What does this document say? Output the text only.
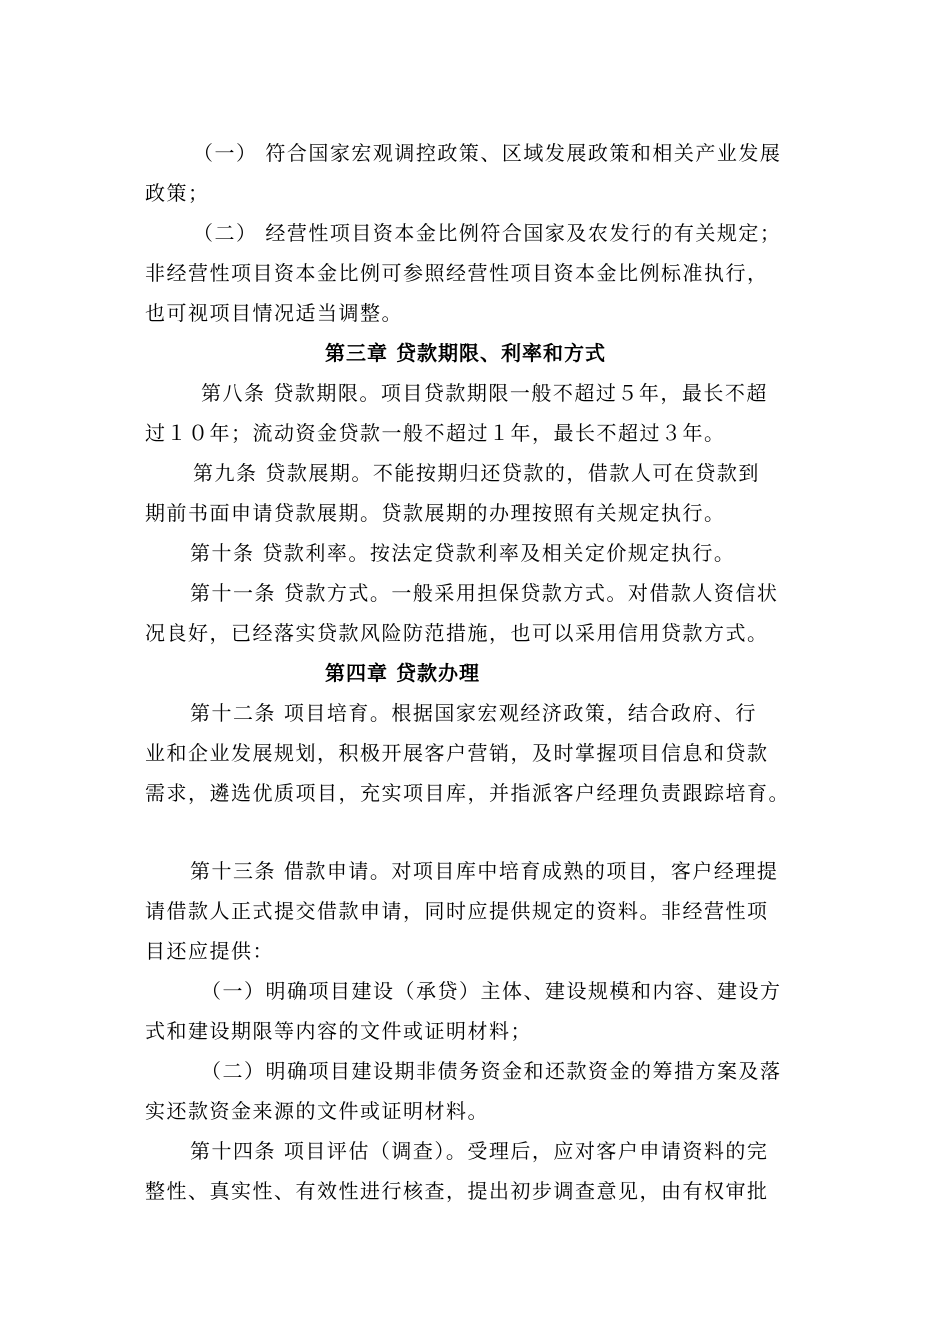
（一） 符合国家宏观调控政策、区域发展政策和相关产业发展

政策；

（二） 经营性项目资本金比例符合国家及农发行的有关规定；

非经营性项目资本金比例可参照经营性项目资本金比例标准执行，

也可视项目情况适当调整。

第三章 贷款期限、利率和方式

第八条 贷款期限。项目贷款期限一般不超过５年，最长不超

过１０年；流动资金贷款一般不超过１年，最长不超过３年。

第九条 贷款展期。不能按期归还贷款的，借款人可在贷款到

期前书面申请贷款展期。贷款展期的办理按照有关规定执行。

第十条 贷款利率。按法定贷款利率及相关定价规定执行。

第十一条 贷款方式。一般采用担保贷款方式。对借款人资信状

况良好，已经落实贷款风险防范措施，也可以采用信用贷款方式。

第四章 贷款办理

第十二条 项目培育。根据国家宏观经济政策，结合政府、行

业和企业发展规划，积极开展客户营销，及时掌握项目信息和贷款

需求，遴选优质项目，充实项目库，并指派客户经理负责跟踪培育。

第十三条 借款申请。对项目库中培育成熟的项目，客户经理提

请借款人正式提交借款申请，同时应提供规定的资料。非经营性项

目还应提供：

（一）明确项目建设（承贷）主体、建设规模和内容、建设方

式和建设期限等内容的文件或证明材料；

（二）明确项目建设期非债务资金和还款资金的筹措方案及落

实还款资金来源的文件或证明材料。

第十四条 项目评估（调查）。受理后，应对客户申请资料的完

整性、真实性、有效性进行核查，提出初步调查意见，由有权审批
